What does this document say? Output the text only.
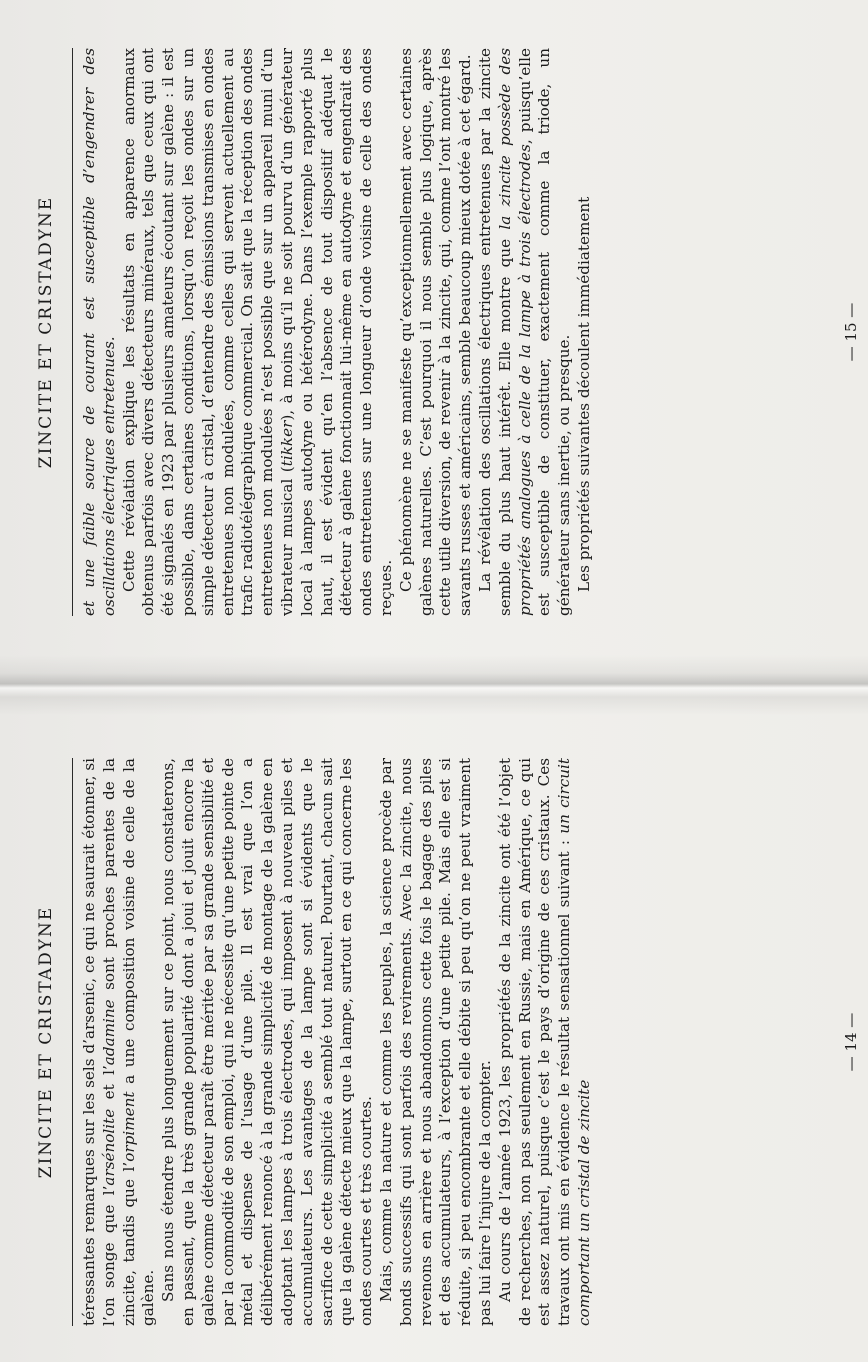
ZINCITE ET CRISTADYNE téressantes remarques sur les sels d’arsenic, ce qui ne saurait étonner, si l’on songe que l’arsénolite et l’adamine sont proches parentes de la zincite, tandis que l’orpiment a une composition voisine de celle de la galène. Sans nous étendre plus longuement sur ce point, nous constaterons, en passant, que la très grande popularité dont a joui et jouit encore la galène comme détecteur paraît être méritée par sa grande sensibilité et par la commodité de son emploi, qui ne nécessite qu’une petite pointe de métal et dispense de l’usage d’une pile. Il est vrai que l’on a délibérément renoncé à la grande simplicité de montage de la galène en adoptant les lampes à trois électrodes, qui imposent à nouveau piles et accumulateurs. Les avantages de la lampe sont si évidents que le sacrifice de cette simplicité a semblé tout naturel. Pourtant, chacun sait que la galène détecte mieux que la lampe, surtout en ce qui concerne les ondes courtes et très courtes. Mais, comme la nature et comme les peuples, la science procède par bonds successifs qui sont parfois des revirements. Avec la zincite, nous revenons en arrière et nous abandonnons cette fois le bagage des piles et des accumulateurs, à l’exception d’une petite pile. Mais elle est si réduite, si peu encombrante et elle débite si peu qu’on ne peut vraiment pas lui faire l’injure de la compter. Au cours de l’année 1923, les propriétés de la zincite ont été l’objet de recherches, non pas seulement en Russie, mais en Amérique, ce qui est assez naturel, puisque c’est le pays d’origine de ces cristaux. Ces travaux ont mis en évidence le résultat sensationnel suivant : un circuit comportant un cristal de zincite

— 14 —
ZINCITE ET CRISTADYNE et une faible source de courant est susceptible d’engendrer des oscillations électriques entretenues. Cette révélation explique les résultats en apparence anormaux obtenus parfois avec divers détecteurs minéraux, tels que ceux qui ont été signalés en 1923 par plusieurs amateurs écoutant sur galène : il est possible, dans certaines conditions, lorsqu’on reçoit les ondes sur un simple détecteur à cristal, d’entendre des émissions transmises en ondes entretenues non modulées, comme celles qui servent actuellement au trafic radiotélégraphique commercial. On sait que la réception des ondes entretenues non modulées n’est possible que sur un appareil muni d’un vibrateur musical (tikker), à moins qu’il ne soit pourvu d’un générateur local à lampes autodyne ou hétérodyne. Dans l’exemple rapporté plus haut, il est évident qu’en l’absence de tout dispositif adéquat le détecteur à galène fonctionnait lui-même en autodyne et engendrait des ondes entretenues sur une longueur d’onde voisine de celle des ondes reçues. Ce phénomène ne se manifeste qu’exceptionnellement avec certaines galènes naturelles. C’est pourquoi il nous semble plus logique, après cette utile diversion, de revenir à la zincite, qui, comme l’ont montré les savants russes et américains, semble beaucoup mieux dotée à cet égard. La révélation des oscillations électriques entretenues par la zincite semble du plus haut intérêt. Elle montre que la zincite possède des propriétés analogues à celle de la lampe à trois électrodes, puisqu’elle est susceptible de constituer, exactement comme la triode, un générateur sans inertie, ou presque. Les propriétés suivantes découlent immédiatement	— 15 —
